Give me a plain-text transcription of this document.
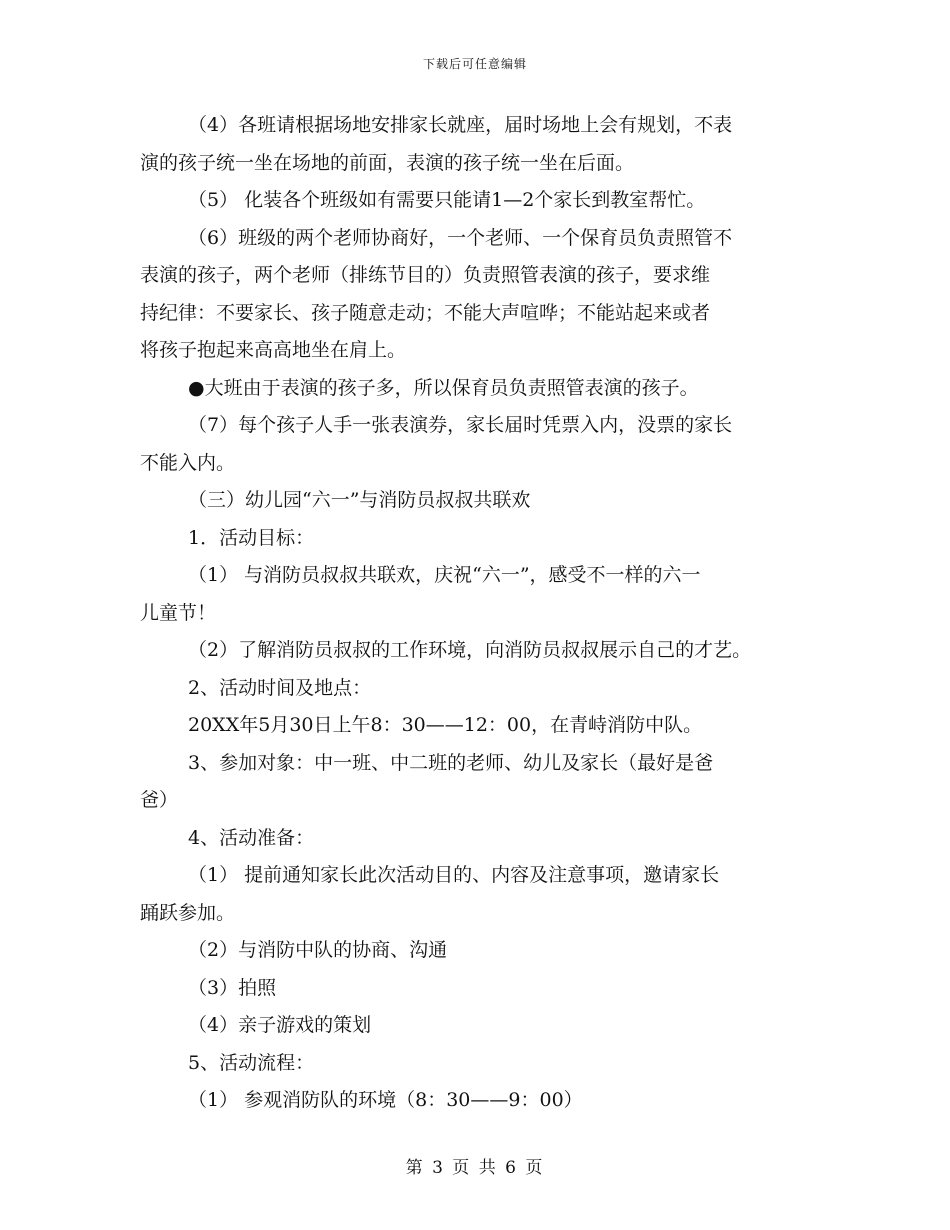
下载后可任意编辑
（4）各班请根据场地安排家长就座，届时场地上会有规划，不表
演的孩子统一坐在场地的前面，表演的孩子统一坐在后面。
（5） 化装各个班级如有需要只能请1—2个家长到教室帮忙。
（6）班级的两个老师协商好，一个老师、一个保育员负责照管不
表演的孩子，两个老师（排练节目的）负责照管表演的孩子，要求维
持纪律：不要家长、孩子随意走动；不能大声喧哗；不能站起来或者
将孩子抱起来高高地坐在肩上。
●大班由于表演的孩子多，所以保育员负责照管表演的孩子。
（7）每个孩子人手一张表演券，家长届时凭票入内，没票的家长
不能入内。
（三）幼儿园“六一”与消防员叔叔共联欢
1．活动目标：
（1） 与消防员叔叔共联欢，庆祝“六一”，感受不一样的六一
儿童节！
（2）了解消防员叔叔的工作环境，向消防员叔叔展示自己的才艺。
2、活动时间及地点：
20XX年5月30日上午8：30——12：00，在青峙消防中队。
3、参加对象：中一班、中二班的老师、幼儿及家长（最好是爸
爸）
4、活动准备：
（1） 提前通知家长此次活动目的、内容及注意事项，邀请家长
踊跃参加。
（2）与消防中队的协商、沟通
（3）拍照
（4）亲子游戏的策划
5、活动流程：
（1） 参观消防队的环境（8：30——9：00）
第 3 页 共 6 页
